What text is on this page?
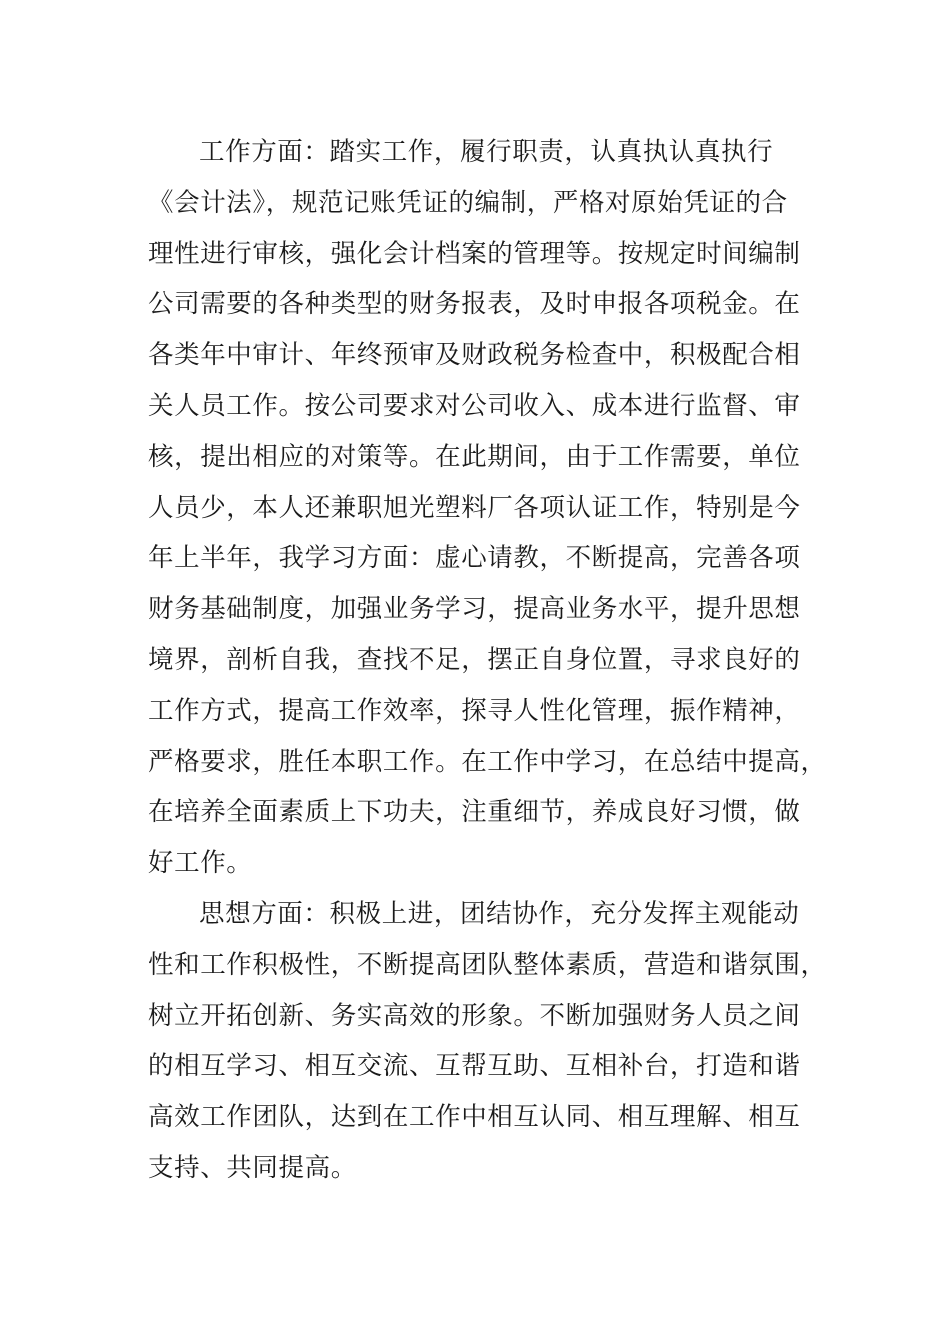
工作方面：踏实工作，履行职责，认真执认真执行
《会计法》，规范记账凭证的编制，严格对原始凭证的合
理性进行审核，强化会计档案的管理等。按规定时间编制
公司需要的各种类型的财务报表，及时申报各项税金。在
各类年中审计、年终预审及财政税务检查中，积极配合相
关人员工作。按公司要求对公司收入、成本进行监督、审
核，提出相应的对策等。在此期间，由于工作需要，单位
人员少，本人还兼职旭光塑料厂各项认证工作，特别是今
年上半年，我学习方面：虚心请教，不断提高，完善各项
财务基础制度，加强业务学习，提高业务水平，提升思想
境界，剖析自我，查找不足，摆正自身位置，寻求良好的
工作方式，提高工作效率，探寻人性化管理，振作精神，
严格要求，胜任本职工作。在工作中学习，在总结中提高，
在培养全面素质上下功夫，注重细节，养成良好习惯，做
好工作。
思想方面：积极上进，团结协作，充分发挥主观能动
性和工作积极性，不断提高团队整体素质，营造和谐氛围，
树立开拓创新、务实高效的形象。不断加强财务人员之间
的相互学习、相互交流、互帮互助、互相补台，打造和谐
高效工作团队，达到在工作中相互认同、相互理解、相互
支持、共同提高。
